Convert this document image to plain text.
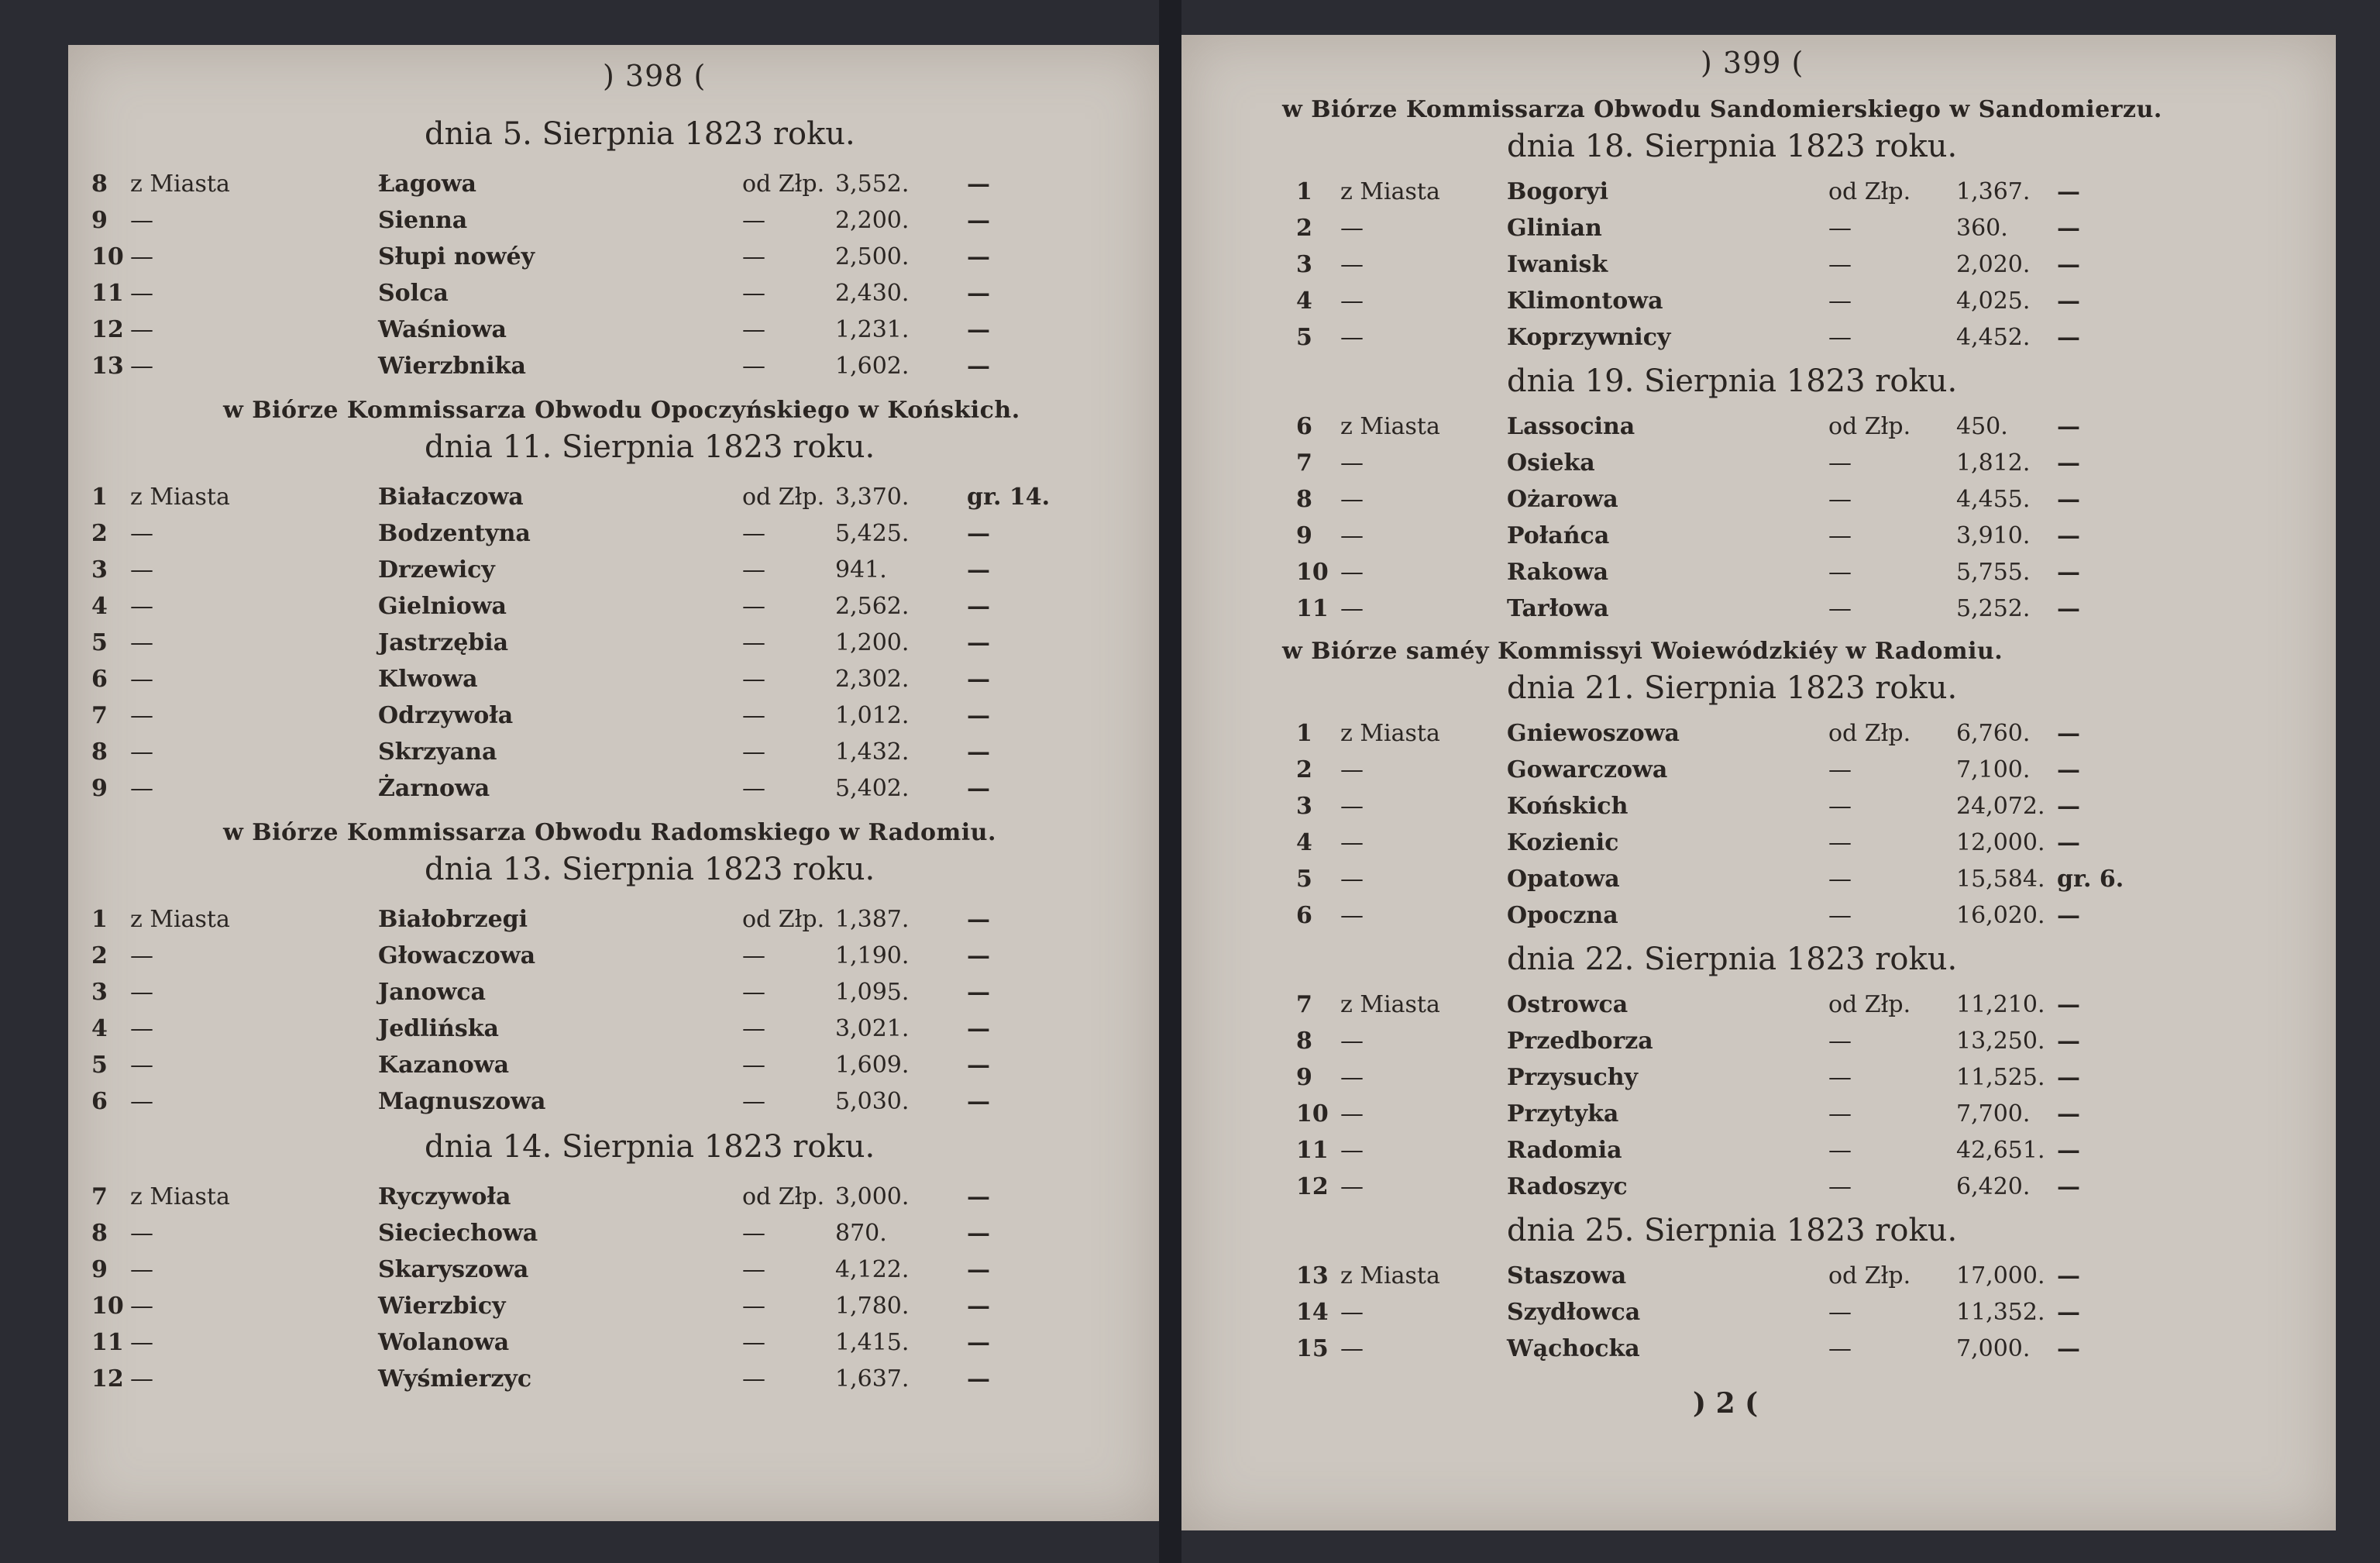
) 398 (
dnia 5. Sierpnia 1823 roku.
8 z Miasta	Łagowa	od Złp. 3,552. —
9 —	Sienna	—	2,200. —
10 —	Słupi nowéy	—	2,500. —
11 —	Solca	—	2,430. —
12 —	Waśniowa	—	1,231. —
13 —	Wierzbnika	—	1,602. —
w Biórze Kommissarza Obwodu Opoczyńskiego w Końskich.
dnia 11. Sierpnia 1823 roku.
1 z Miasta	Białaczowa	od Złp. 3,370. gr. 14.
2 —	Bodzentyna	—	5,425. —
3 —	Drzewicy	—	941.	—
4 —	Gielniowa	—	2,562. —
5 —	Jastrzębia	—	1,200. —
6 —	Klwowa	—	2,302. —
7 —	Odrzywoła	—	1,012. —
8 —	Skrzyana	—	1,432. —
9 —	Żarnowa	—	5,402. —
w Biórze Kommissarza Obwodu Radomskiego w Radomiu.
dnia 13. Sierpnia 1823 roku.
1 z Miasta	Białobrzegi	od Złp. 1,387. —
2 —	Głowaczowa	—	1,190. —
3 —	Janowca	—	1,095. —
4 —	Jedlińska	—	3,021. —
5 —	Kazanowa	—	1,609. —
6 —	Magnuszowa	—	5,030. —
dnia 14. Sierpnia 1823 roku.
7 z Miasta	Ryczywoła	od Złp. 3,000. —
8 —	Sieciechowa	—	870.	—
9 —	Skaryszowa	—	4,122. —
10 —	Wierzbicy	—	1,780. —
11 —	Wolanowa	—	1,415. —
12 —	Wyśmierzyc	—	1,637. —
) 399 (
w Biórze Kommissarza Obwodu Sandomierskiego w Sandomierzu.
dnia 18. Sierpnia 1823 roku.
1 z Miasta	Bogoryi	od Złp. 1,367. —
2 —	Glinian	—	360. —
3 —	Iwanisk	—	2,020. —
4 —	Klimontowa	—	4,025. —
5 —	Koprzywnicy	—	4,452. —
dnia 19. Sierpnia 1823 roku.
6 z Miasta	Lassocina	od Złp. 450. —
7 —	Osieka	—	1,812. —
8 —	Ożarowa	—	4,455. —
9 —	Połańca	—	3,910. —
10 —	Rakowa	—	5,755. —
11 —	Tarłowa	—	5,252. —
w Biórze saméy Kommissyi Woiewódzkiéy w Radomiu.
dnia 21. Sierpnia 1823 roku.
1 z Miasta	Gniewoszowa	od Złp. 6,760. —
2 —	Gowarczowa	—	7,100. —
3 —	Końskich	—	24,072. —
4 —	Kozienic	—	12,000. —
5 —	Opatowa	—	15,584. gr. 6.
6 —	Opoczna	—	16,020. —
dnia 22. Sierpnia 1823 roku.
7 z Miasta	Ostrowca	od Złp. 11,210. —
8 —	Przedborza	—	13,250. —
9 —	Przysuchy	—	11,525. —
10 —	Przytyka	—	7,700. —
11 —	Radomia	—	42,651. —
12 —	Radoszyc	—	6,420. —
dnia 25. Sierpnia 1823 roku.
13 z Miasta	Staszowa	od Złp. 17,000. —
14 —	Szydłowca	—	11,352. —
15 —	Wąchocka	—	7,000. —
) 2 (
